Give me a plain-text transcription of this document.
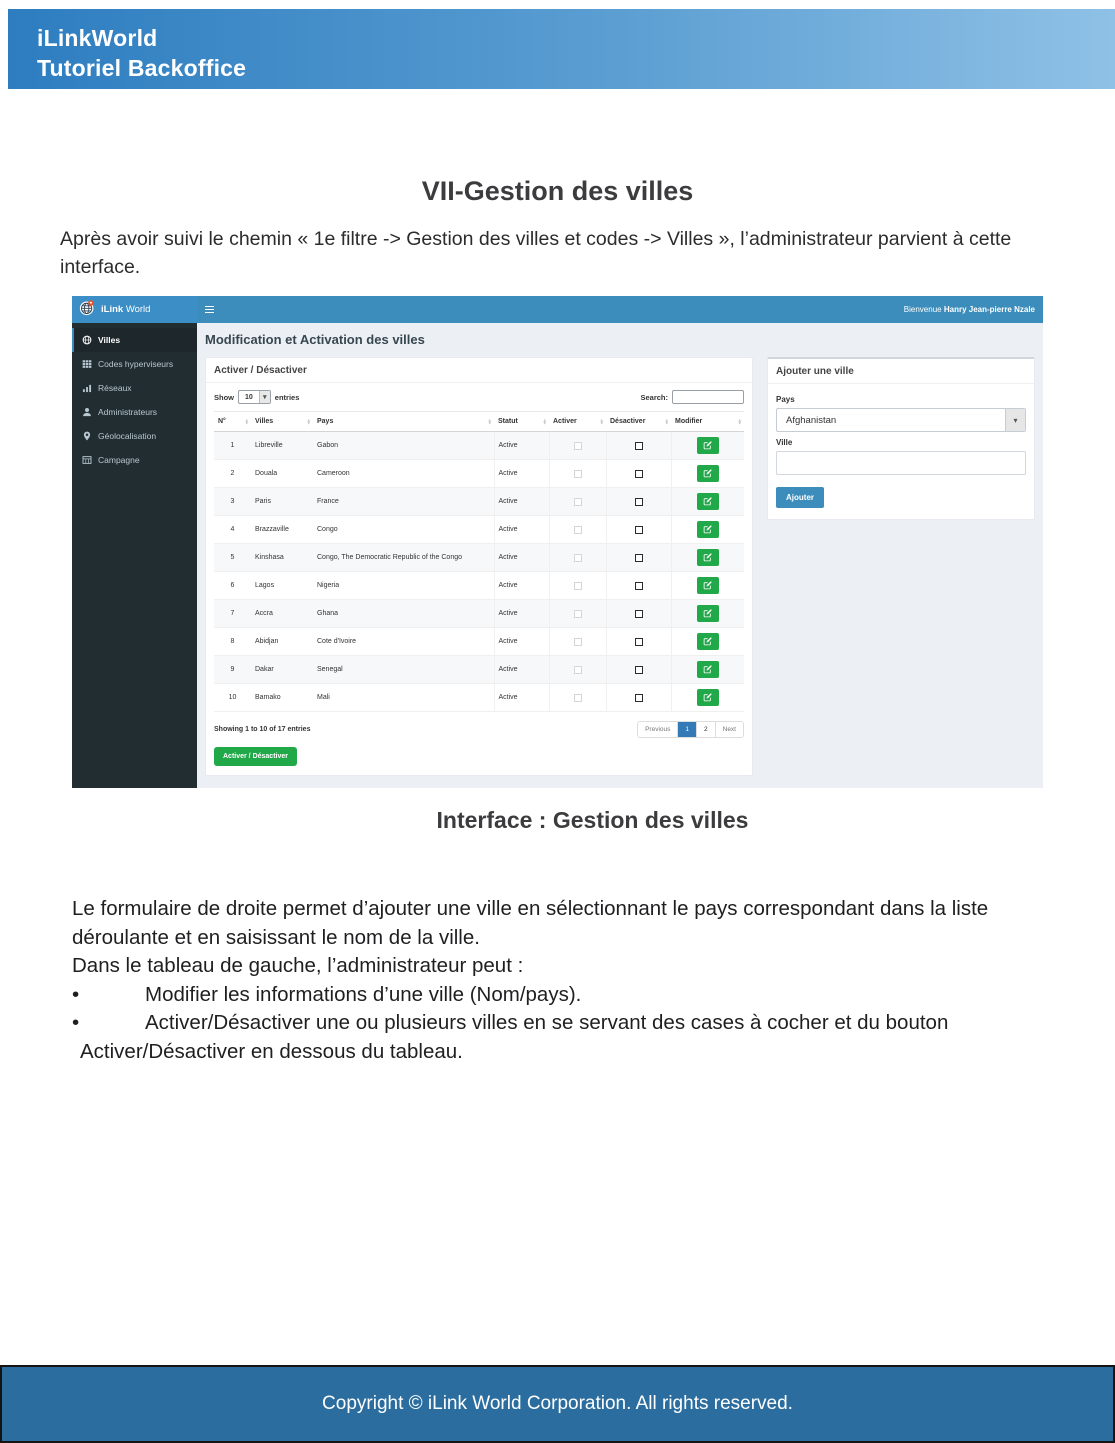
iLinkWorld
Tutoriel Backoffice
VII-Gestion des villes

Après avoir suivi le chemin « 1e filtre -> Gestion des villes et codes -> Villes », l’administrateur parvient à cette interface.

iLink World	Bienvenue Hanry Jean-pierre Nzale
Villes
Codes hyperviseurs
Réseaux
Administrateurs
Géolocalisation
Campagne
Modification et Activation des villes
Activer / Désactiver
Show	10	▾	entries	Search:
N° ▲
▼	Villes ▲
▼	Pays ▲
▼	Statut ▲
▼	Activer ▲
▼	Désactiver ▲
▼	Modifier ▲
▼

1	Libreville	Gabon	Active			

2	Douala	Cameroon	Active			

3	Paris	France	Active			

4	Brazzaville	Congo	Active			

5	Kinshasa	Congo, The Democratic Republic of the Congo	Active			

6	Lagos	Nigeria	Active			

7	Accra	Ghana	Active			

8	Abidjan	Cote d'Ivoire	Active			

9	Dakar	Senegal	Active			

10	Bamako	Mali	Active			
Showing 1 to 10 of 17 entries	Previous	1	2	Next
Activer / Désactiver
Ajouter une ville
Pays
Afghanistan	▾
Ville
Ajouter

Interface : Gestion des villes

Le formulaire de droite permet d’ajouter une ville en sélectionnant le pays correspondant dans la liste déroulante et en saisissant le nom de la ville.

Dans le tableau de gauche, l’administrateur peut :

•	Modifier les informations d’une ville (Nom/pays).

•	Activer/Désactiver une ou plusieurs villes en se servant des cases à cocher et du bouton

Activer/Désactiver en dessous du tableau.

Copyright © iLink World Corporation. All rights reserved.
